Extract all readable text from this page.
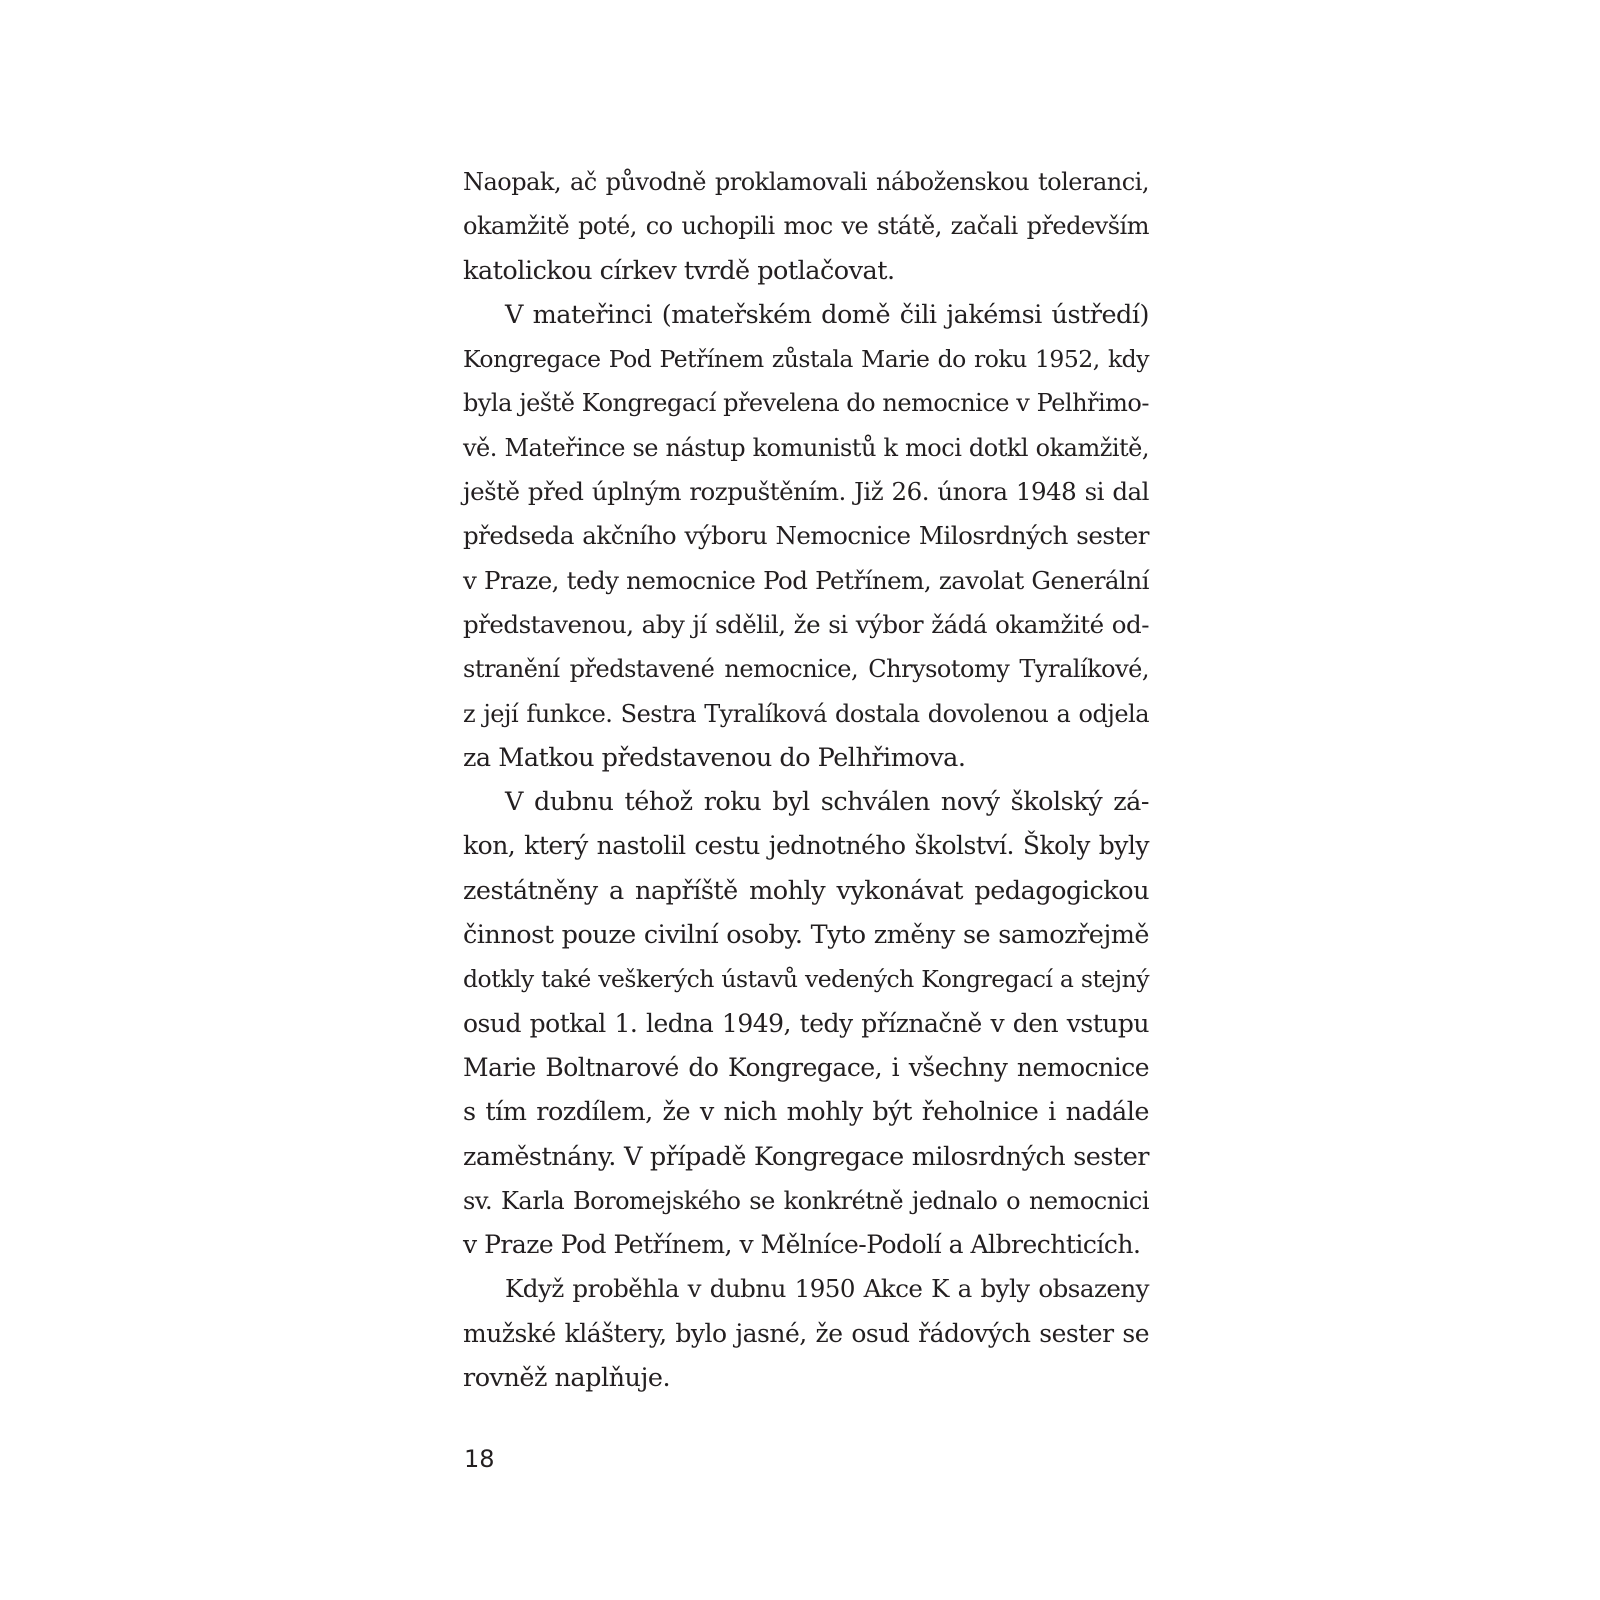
Naopak, ač původně proklamovali náboženskou toleranci,
okamžitě poté, co uchopili moc ve státě, začali především
katolickou církev tvrdě potlačovat.
V mateřinci (mateřském domě čili jakémsi ústředí)
Kongregace Pod Petřínem zůstala Marie do roku 1952, kdy
byla ještě Kongregací převelena do nemocnice v Pelhřimo-
vě. Mateřince se nástup komunistů k moci dotkl okamžitě,
ještě před úplným rozpuštěním. Již 26. února 1948 si dal
předseda akčního výboru Nemocnice Milosrdných sester
v Praze, tedy nemocnice Pod Petřínem, zavolat Generální
představenou, aby jí sdělil, že si výbor žádá okamžité od-
stranění představené nemocnice, Chrysotomy Tyralíkové,
z její funkce. Sestra Tyralíková dostala dovolenou a odjela
za Matkou představenou do Pelhřimova.
V dubnu téhož roku byl schválen nový školský zá-
kon, který nastolil cestu jednotného školství. Školy byly
zestátněny a napříště mohly vykonávat pedagogickou
činnost pouze civilní osoby. Tyto změny se samozřejmě
dotkly také veškerých ústavů vedených Kongregací a stejný
osud potkal 1. ledna 1949, tedy příznačně v den vstupu
Marie Boltnarové do Kongregace, i všechny nemocnice
s tím rozdílem, že v nich mohly být řeholnice i nadále
zaměstnány. V případě Kongregace milosrdných sester
sv. Karla Boromejského se konkrétně jednalo o nemocnici
v Praze Pod Petřínem, v Mělníce-Podolí a Albrechticích.
Když proběhla v dubnu 1950 Akce K a byly obsazeny
mužské kláštery, bylo jasné, že osud řádových sester se
rovněž naplňuje.
18
